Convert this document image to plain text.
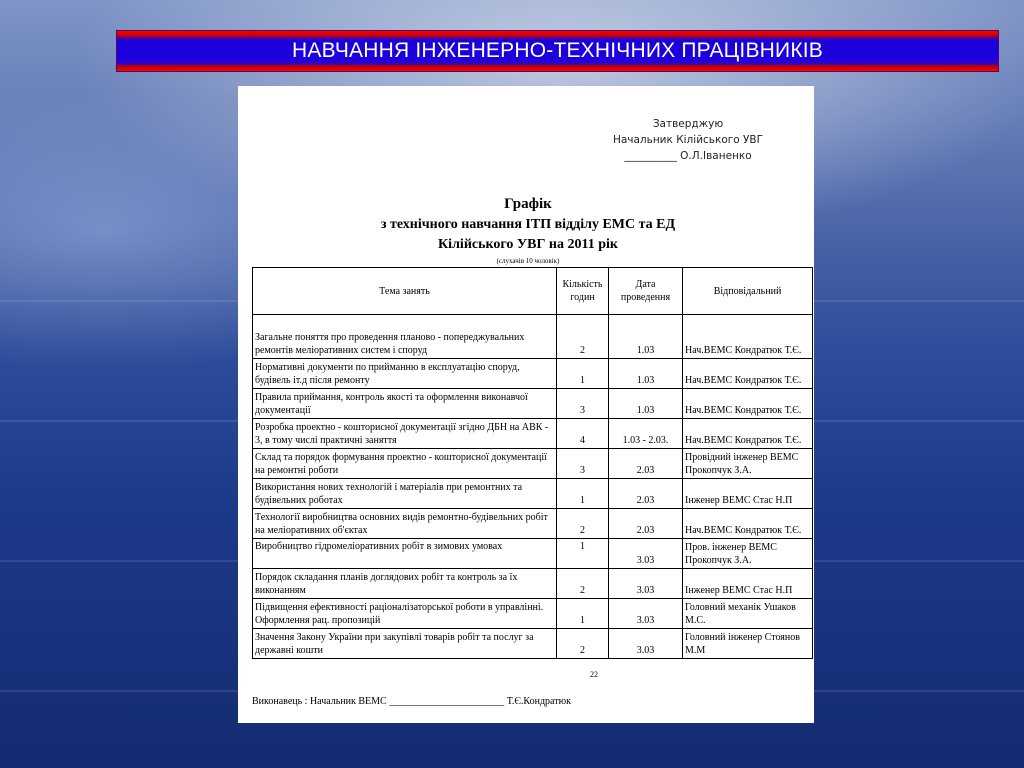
НАВЧАННЯ ІНЖЕНЕРНО-ТЕХНІЧНИХ ПРАЦІВНИКІВ
Затверджую
Начальник Кілійського УВГ
__________ О.Л.Іваненко
Графік
з технічного навчання ІТП відділу ЕМС та ЕД
Кілійського УВГ на 2011 рік
(слухачів 10 чоловік)
Тема занять	Кількість годин	Дата проведення	Відповідальний
Загальне поняття про проведення планово - попереджувальних ремонтів меліоративних систем і споруд	2	1.03	Нач.ВЕМС Кондратюк Т.Є.
Нормативні документи по прийманню в експлуатацію споруд, будівель іт.д після ремонту	1	1.03	Нач.ВЕМС Кондратюк Т.Є.
Правила приймання, контроль якості та оформлення виконавчої документації	3	1.03	Нач.ВЕМС Кондратюк Т.Є.
Розробка проектно - кошторисної документації згідно ДБН на АВК - 3, в тому числі практичні заняття	4	1.03 - 2.03.	Нач.ВЕМС Кондратюк Т.Є.
Склад та порядок формування проектно - кошторисної документації на ремонтні роботи	3	2.03	Провідний інженер ВЕМС Прокопчук З.А.
Використання нових технологій і матеріалів при ремонтних та будівельних роботах	1	2.03	Інженер ВЕМС Стас Н.П
Технології виробництва основних видів ремонтно-будівельних робіт на меліоративних об'єктах	2	2.03	Нач.ВЕМС Кондратюк Т.Є.
Виробництво гідромеліоративних робіт в зимових умовах	1	3.03	Пров. інженер ВЕМС Прокопчук З.А.
Порядок складання планів доглядових робіт та контроль за їх виконанням	2	3.03	Інженер ВЕМС Стас Н.П
Підвищення ефективності раціоналізаторської роботи в управлінні. Оформлення рац. пропозицій	1	3.03	Головний механік Ушаков М.С.
Значення Закону України при закупівлі товарів робіт та послуг за державні кошти	2	3.03	Головний інженер Стоянов М.М
22
Виконавець : Начальник ВЕМС _______________________ Т.Є.Кондратюк
